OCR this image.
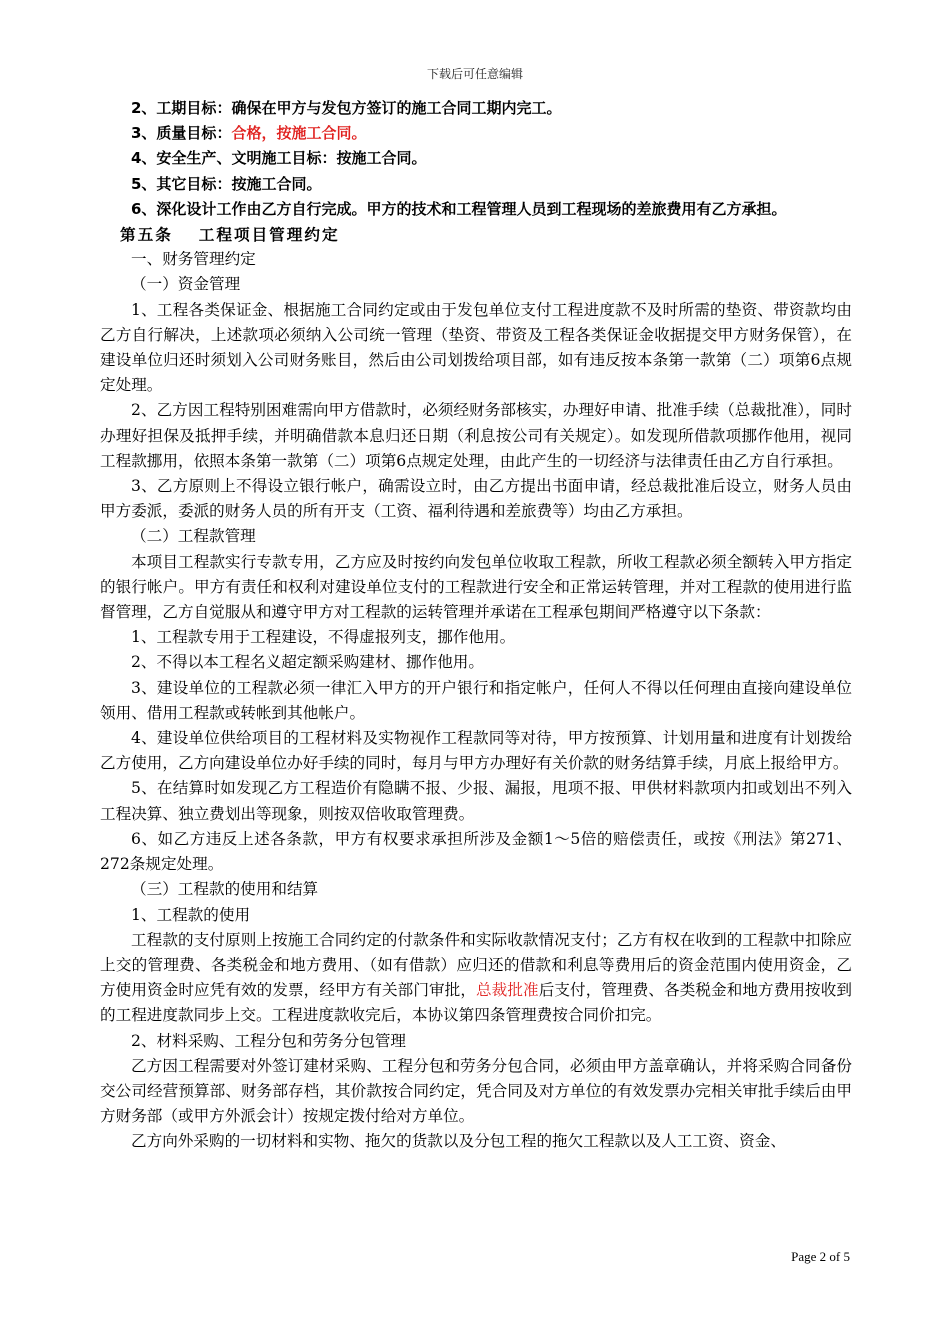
下载后可任意编辑

2、工期目标：确保在甲方与发包方签订的施工合同工期内完工。

3、质量目标：合格，按施工合同。

4、安全生产、文明施工目标：按施工合同。

5、其它目标：按施工合同。

6、深化设计工作由乙方自行完成。甲方的技术和工程管理人员到工程现场的差旅费用有乙方承担。

第五条 工程项目管理约定

一、财务管理约定

（一）资金管理

1、工程各类保证金、根据施工合同约定或由于发包单位支付工程进度款不及时所需的垫资、带资款均由乙方自行解决，上述款项必须纳入公司统一管理（垫资、带资及工程各类保证金收据提交甲方财务保管），在建设单位归还时须划入公司财务账目，然后由公司划拨给项目部，如有违反按本条第一款第（二）项第6点规定处理。

2、乙方因工程特别困难需向甲方借款时，必须经财务部核实，办理好申请、批准手续（总裁批准），同时办理好担保及抵押手续，并明确借款本息归还日期（利息按公司有关规定）。如发现所借款项挪作他用，视同工程款挪用，依照本条第一款第（二）项第6点规定处理，由此产生的一切经济与法律责任由乙方自行承担。

3、乙方原则上不得设立银行帐户，确需设立时，由乙方提出书面申请，经总裁批准后设立，财务人员由甲方委派，委派的财务人员的所有开支（工资、福利待遇和差旅费等）均由乙方承担。

（二）工程款管理

本项目工程款实行专款专用，乙方应及时按约向发包单位收取工程款，所收工程款必须全额转入甲方指定的银行帐户。甲方有责任和权利对建设单位支付的工程款进行安全和正常运转管理，并对工程款的使用进行监督管理，乙方自觉服从和遵守甲方对工程款的运转管理并承诺在工程承包期间严格遵守以下条款：

1、工程款专用于工程建设，不得虚报列支，挪作他用。

2、不得以本工程名义超定额采购建材、挪作他用。

3、建设单位的工程款必须一律汇入甲方的开户银行和指定帐户，任何人不得以任何理由直接向建设单位领用、借用工程款或转帐到其他帐户。

4、建设单位供给项目的工程材料及实物视作工程款同等对待，甲方按预算、计划用量和进度有计划拨给乙方使用，乙方向建设单位办好手续的同时，每月与甲方办理好有关价款的财务结算手续，月底上报给甲方。

5、在结算时如发现乙方工程造价有隐瞒不报、少报、漏报，甩项不报、甲供材料款项内扣或划出不列入工程决算、独立费划出等现象，则按双倍收取管理费。

6、如乙方违反上述各条款，甲方有权要求承担所涉及金额1～5倍的赔偿责任，或按《刑法》第271、272条规定处理。

（三）工程款的使用和结算

1、工程款的使用

工程款的支付原则上按施工合同约定的付款条件和实际收款情况支付；乙方有权在收到的工程款中扣除应上交的管理费、各类税金和地方费用、（如有借款）应归还的借款和利息等费用后的资金范围内使用资金，乙方使用资金时应凭有效的发票，经甲方有关部门审批，总裁批准后支付，管理费、各类税金和地方费用按收到的工程进度款同步上交。工程进度款收完后，本协议第四条管理费按合同价扣完。

2、材料采购、工程分包和劳务分包管理

乙方因工程需要对外签订建材采购、工程分包和劳务分包合同，必须由甲方盖章确认，并将采购合同备份交公司经营预算部、财务部存档，其价款按合同约定，凭合同及对方单位的有效发票办完相关审批手续后由甲方财务部（或甲方外派会计）按规定拨付给对方单位。

乙方向外采购的一切材料和实物、拖欠的货款以及分包工程的拖欠工程款以及人工工资、资金、

Page 2 of 5
